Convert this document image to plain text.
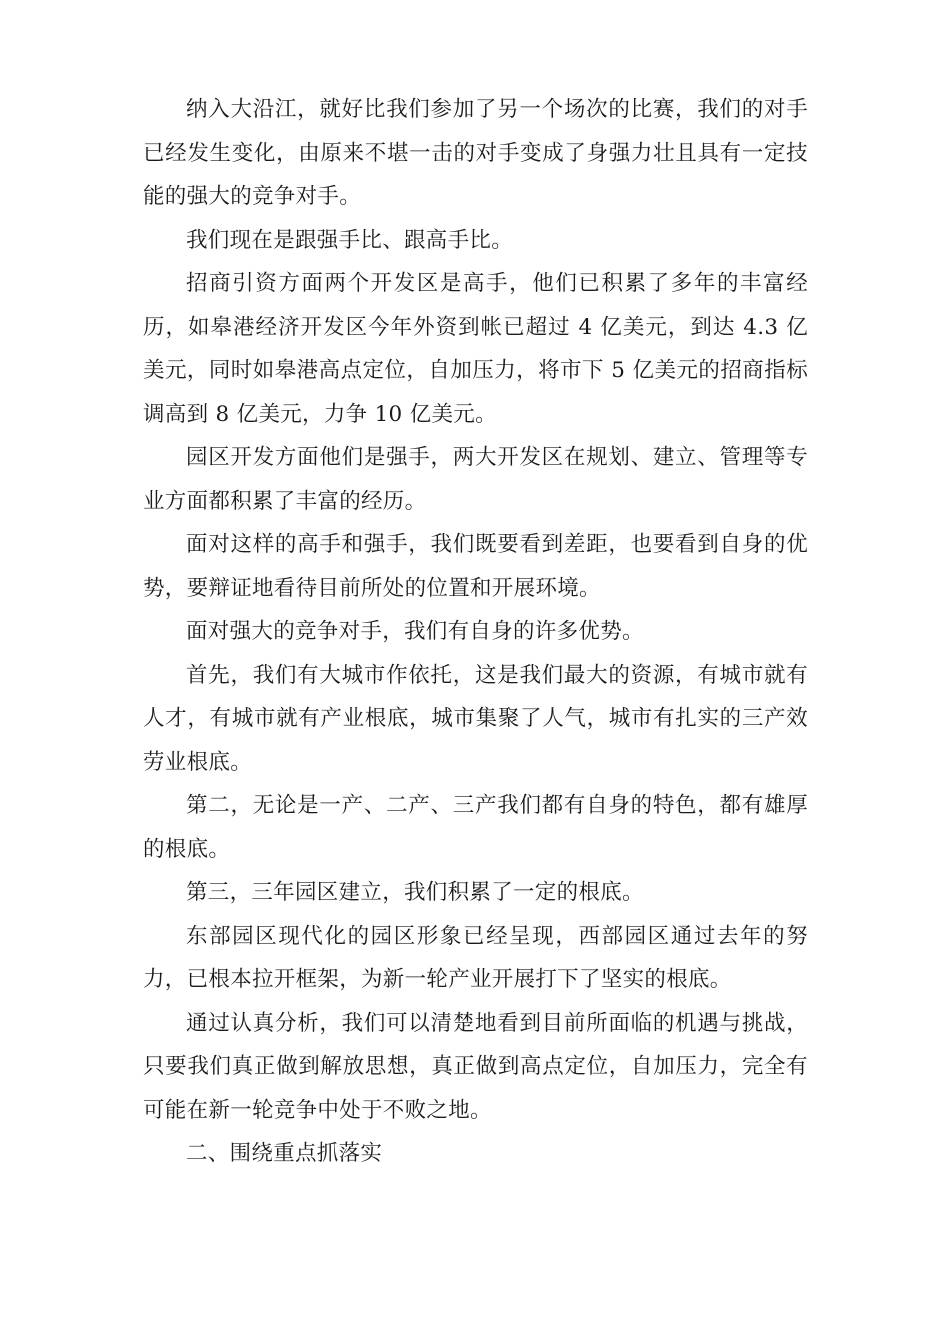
纳入大沿江，就好比我们参加了另一个场次的比赛，我们的对手已经发生变化，由原来不堪一击的对手变成了身强力壮且具有一定技能的强大的竞争对手。

我们现在是跟强手比、跟高手比。

招商引资方面两个开发区是高手，他们已积累了多年的丰富经历，如皋港经济开发区今年外资到帐已超过 4 亿美元，到达 4.3 亿美元，同时如皋港高点定位，自加压力，将市下 5 亿美元的招商指标调高到 8 亿美元，力争 10 亿美元。

园区开发方面他们是强手，两大开发区在规划、建立、管理等专业方面都积累了丰富的经历。

面对这样的高手和强手，我们既要看到差距，也要看到自身的优势，要辩证地看待目前所处的位置和开展环境。

面对强大的竞争对手，我们有自身的许多优势。

首先，我们有大城市作依托，这是我们最大的资源，有城市就有人才，有城市就有产业根底，城市集聚了人气，城市有扎实的三产效劳业根底。

第二，无论是一产、二产、三产我们都有自身的特色，都有雄厚的根底。

第三，三年园区建立，我们积累了一定的根底。

东部园区现代化的园区形象已经呈现，西部园区通过去年的努力，已根本拉开框架，为新一轮产业开展打下了坚实的根底。

通过认真分析，我们可以清楚地看到目前所面临的机遇与挑战，只要我们真正做到解放思想，真正做到高点定位，自加压力，完全有可能在新一轮竞争中处于不败之地。

二、围绕重点抓落实
